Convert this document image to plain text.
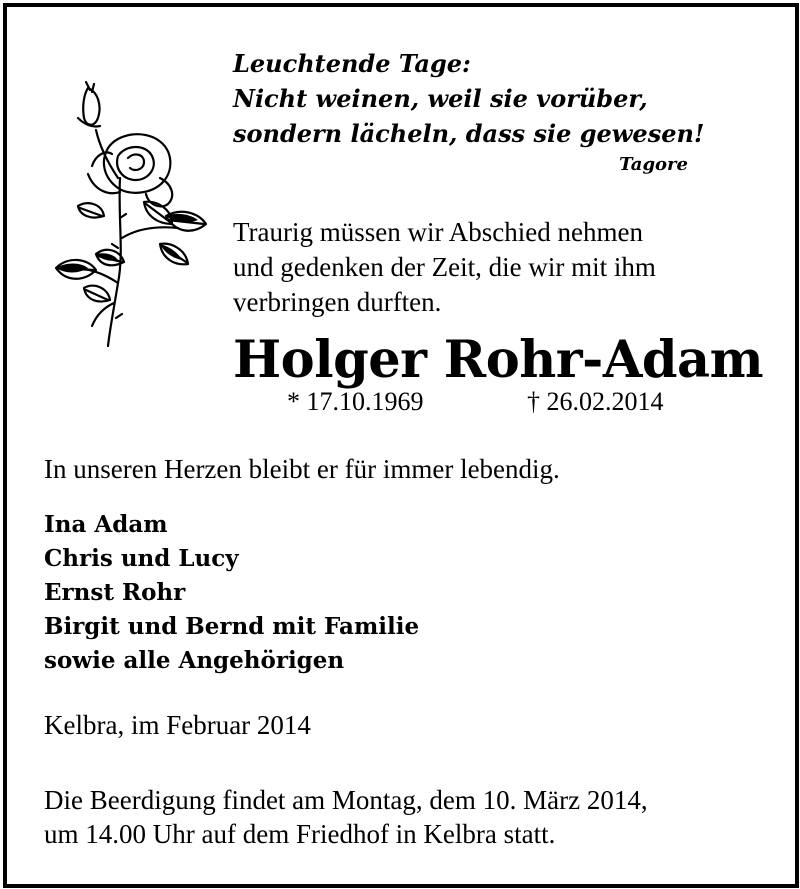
Leuchtende Tage:
Nicht weinen, weil sie vorüber,
sondern lächeln, dass sie gewesen!
Tagore
Traurig müssen wir Abschied nehmen
und gedenken der Zeit, die wir mit ihm
verbringen durften.
Holger Rohr-Adam
* 17.10.1969	† 26.02.2014
In unseren Herzen bleibt er für immer lebendig.
Ina Adam
Chris und Lucy
Ernst Rohr
Birgit und Bernd mit Familie
sowie alle Angehörigen
Kelbra, im Februar 2014
Die Beerdigung findet am Montag, dem 10. März 2014,
um 14.00 Uhr auf dem Friedhof in Kelbra statt.
